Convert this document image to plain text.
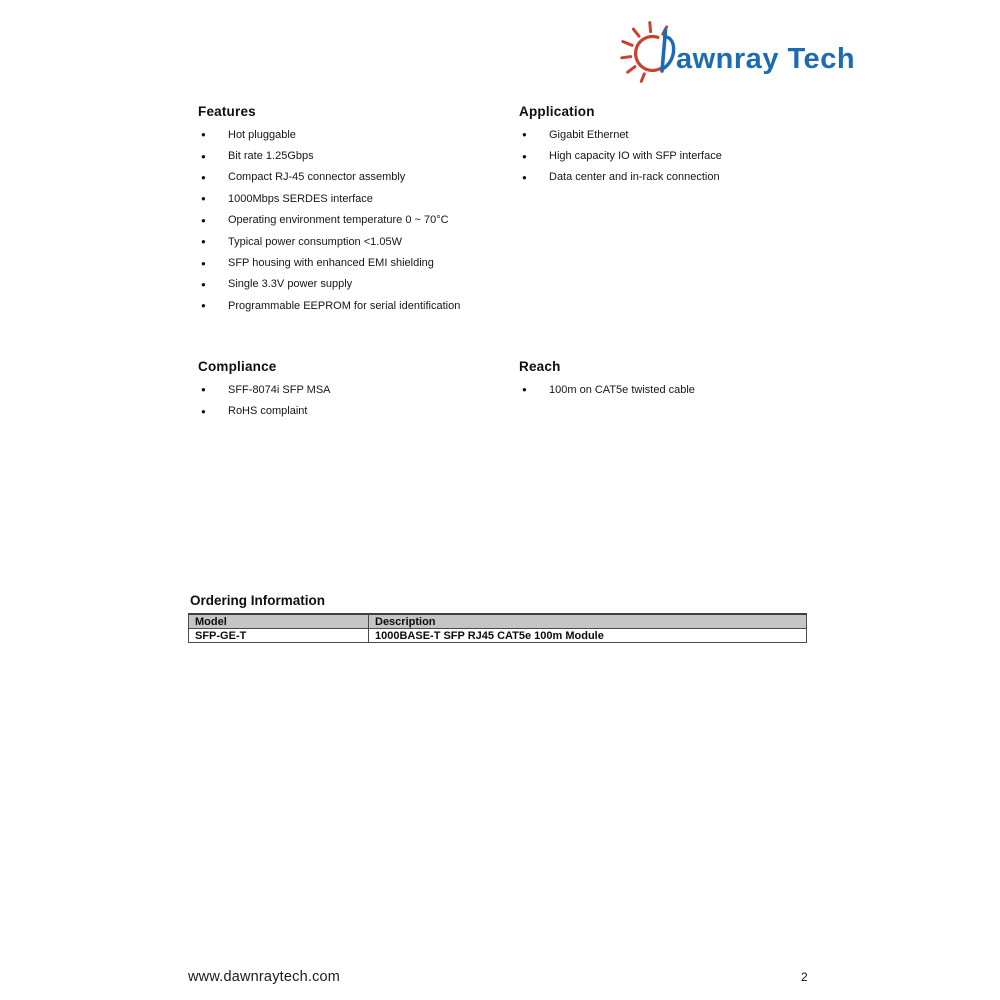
awnray Tech
Features
●	Hot pluggable
●	Bit rate 1.25Gbps
●	Compact RJ-45 connector assembly
●	1000Mbps SERDES interface
●	Operating environment temperature 0 ~ 70°C
●	Typical power consumption <1.05W
●	SFP housing with enhanced EMI shielding
●	Single 3.3V power supply
●	Programmable EEPROM for serial identification
Application
●	Gigabit Ethernet
●	High capacity IO with SFP interface
●	Data center and in-rack connection
Compliance
●	SFF-8074i SFP MSA
●	RoHS complaint
Reach
●	100m on CAT5e twisted cable
Ordering Information
Model	Description
SFP-GE-T	1000BASE-T SFP RJ45 CAT5e 100m Module
www.dawnraytech.com	2
